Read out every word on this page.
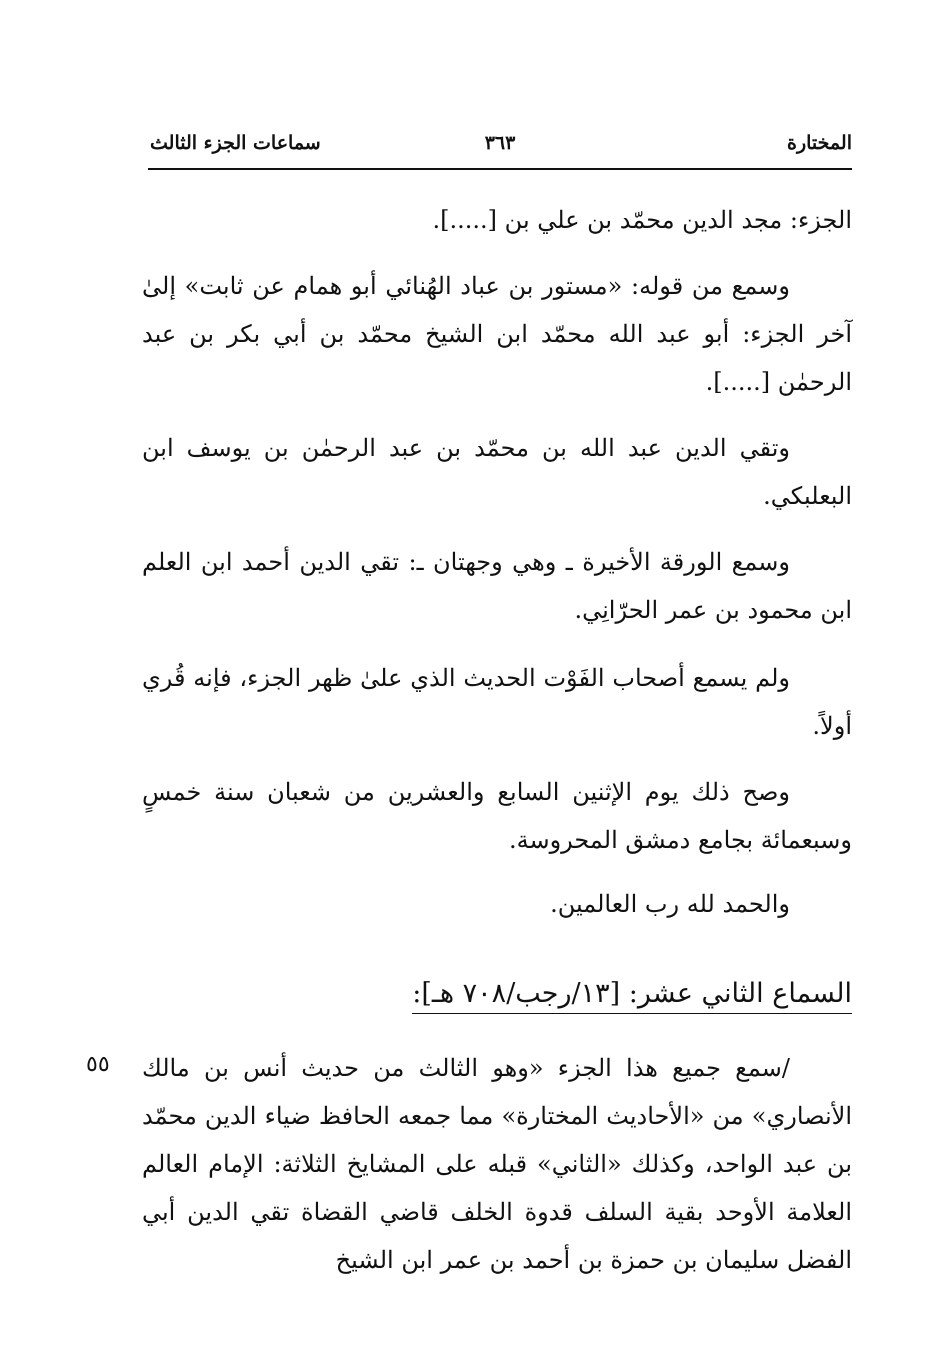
المختارة
٣٦٣
سماعات الجزء الثالث

الجزء: مجد الدين محمّد بن علي بن [.....].

وسمع من قوله: «مستور بن عباد الهُنائي أبو همام عن ثابت» إلىٰ آخر الجزء: أبو عبد الله محمّد ابن الشيخ محمّد بن أبي بكر بن عبد الرحمٰن [.....].

وتقي الدين عبد الله بن محمّد بن عبد الرحمٰن بن يوسف ابن البعلبكي.

وسمع الورقة الأخيرة ـ وهي وجهتان ـ: تقي الدين أحمد ابن العلم ابن محمود بن عمر الحرّانِي.

ولم يسمع أصحاب الفَوْت الحديث الذي علىٰ ظهر الجزء، فإنه قُري أولاً.

وصح ذلك يوم الإثنين السابع والعشرين من شعبان سنة خمسٍ وسبعمائة بجامع دمشق المحروسة.

والحمد لله رب العالمين.

السماع الثاني عشر: [١٣/رجب/٧٠٨ هـ]:
٥٥ /سمع جميع هذا الجزء «وهو الثالث من حديث أنس بن مالك الأنصاري» من «الأحاديث المختارة» مما جمعه الحافظ ضياء الدين محمّد بن عبد الواحد، وكذلك «الثاني» قبله على المشايخ الثلاثة: الإمام العالم العلامة الأوحد بقية السلف قدوة الخلف قاضي القضاة تقي الدين أبي الفضل سليمان بن حمزة بن أحمد بن عمر ابن الشيخ
